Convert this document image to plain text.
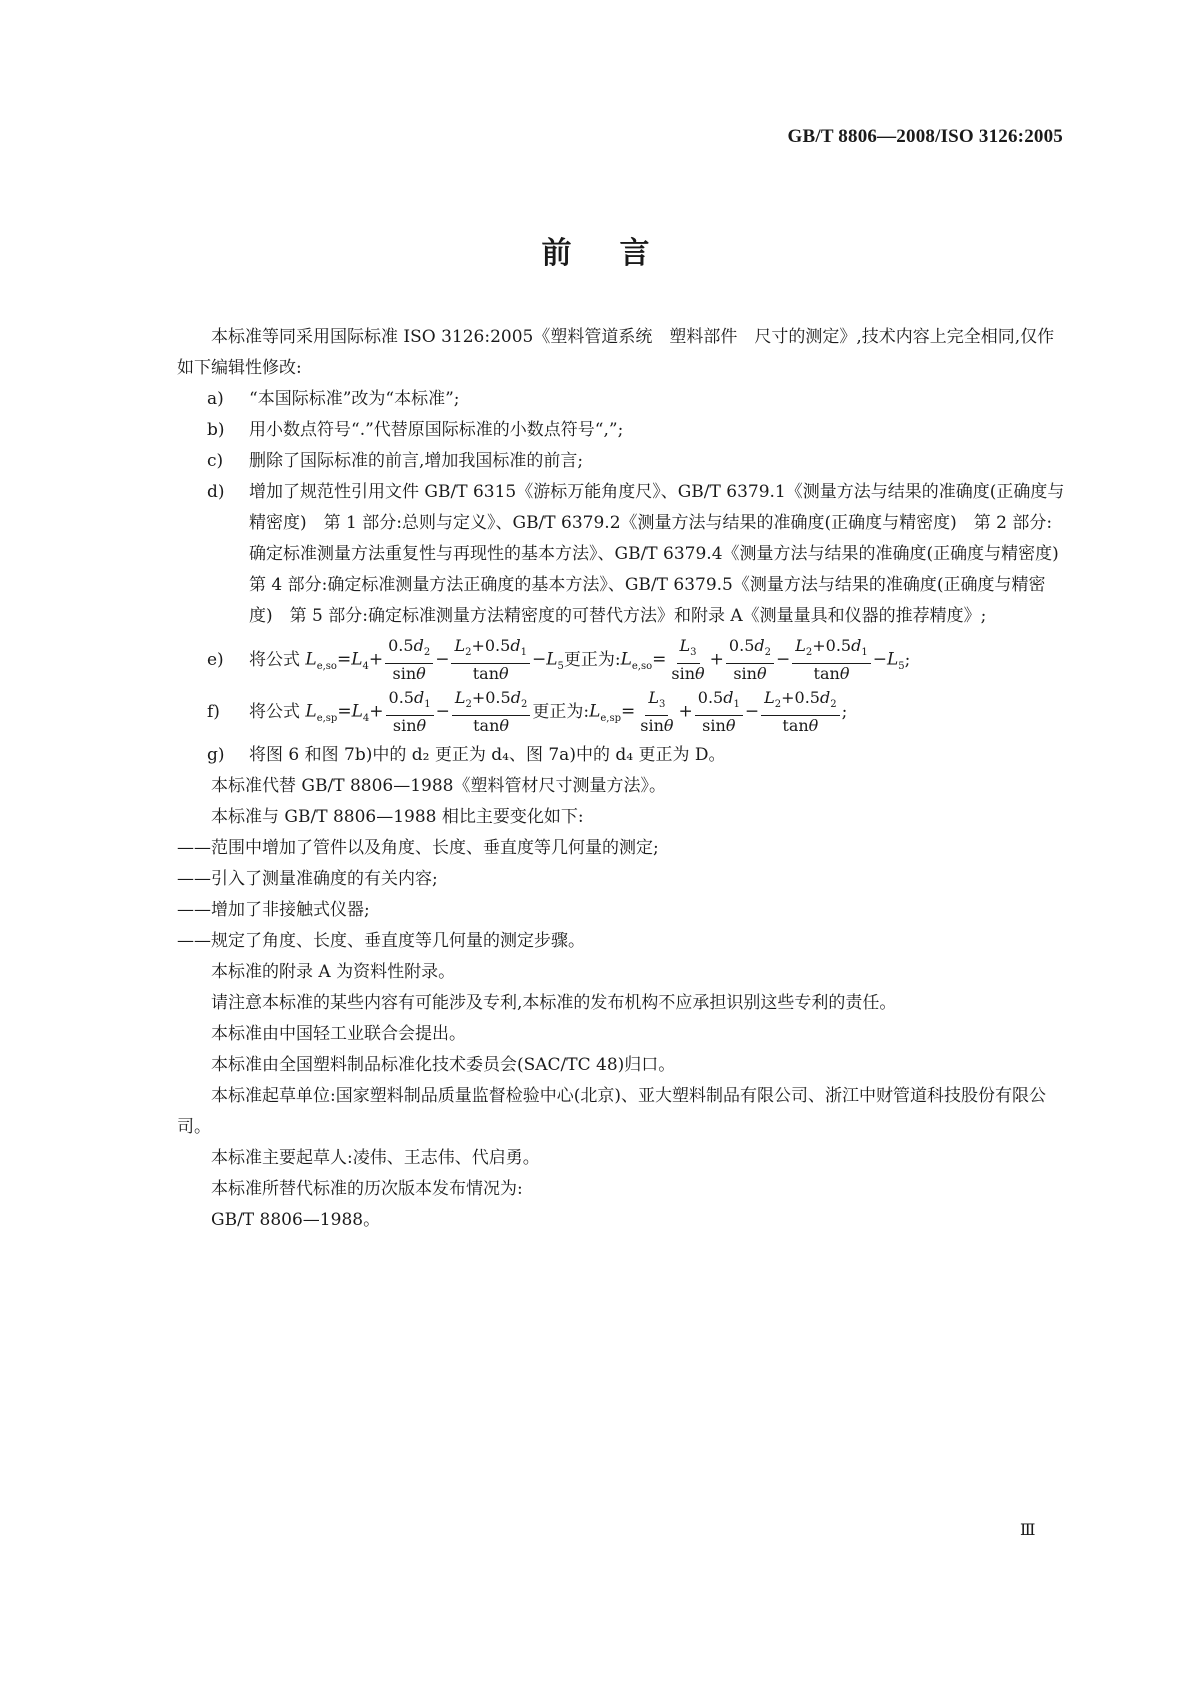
GB/T 8806—2008/ISO 3126:2005
前言

本标准等同采用国际标准 ISO 3126:2005《塑料管道系统　塑料部件　尺寸的测定》,技术内容上完全相同,仅作如下编辑性修改:

a)	“本国际标准”改为“本标准”;
b)	用小数点符号“.”代替原国际标准的小数点符号“,”;
c)	删除了国际标准的前言,增加我国标准的前言;
d)	增加了规范性引用文件 GB/T 6315《游标万能角度尺》、GB/T 6379.1《测量方法与结果的准确度(正确度与精密度)　第 1 部分:总则与定义》、GB/T 6379.2《测量方法与结果的准确度(正确度与精密度)　第 2 部分:确定标准测量方法重复性与再现性的基本方法》、GB/T 6379.4《测量方法与结果的准确度(正确度与精密度)　第 4 部分:确定标准测量方法正确度的基本方法》、GB/T 6379.5《测量方法与结果的准确度(正确度与精密度)　第 5 部分:确定标准测量方法精密度的可替代方法》和附录 A《测量量具和仪器的推荐精度》;
e)	将公式
$L_{e,so}=L_4+ \frac{0.5d_2}{\sin\theta} - \frac{L_2+0.5d_1}{\tan\theta} -L_5$ 更正为: $L_{e,so}= \frac{L_3}{\sin\theta} + \frac{0.5d_2}{\sin\theta} - \frac{L_2+0.5d_1}{\tan\theta} -L_5$ ;
f)	将公式
$L_{e,sp}=L_4+ \frac{0.5d_1}{\sin\theta} - \frac{L_2+0.5d_2}{\tan\theta}$ 更正为: $L_{e,sp}= \frac{L_3}{\sin\theta} + \frac{0.5d_1}{\sin\theta} - \frac{L_2+0.5d_2}{\tan\theta}$ ;
g)	将图 6 和图 7b)中的 d₂ 更正为 d₄、图 7a)中的 d₄ 更正为 D。

本标准代替 GB/T 8806—1988《塑料管材尺寸测量方法》。

本标准与 GB/T 8806—1988 相比主要变化如下:

——范围中增加了管件以及角度、长度、垂直度等几何量的测定;

——引入了测量准确度的有关内容;

——增加了非接触式仪器;

——规定了角度、长度、垂直度等几何量的测定步骤。

本标准的附录 A 为资料性附录。

请注意本标准的某些内容有可能涉及专利,本标准的发布机构不应承担识别这些专利的责任。

本标准由中国轻工业联合会提出。

本标准由全国塑料制品标准化技术委员会(SAC/TC 48)归口。

本标准起草单位:国家塑料制品质量监督检验中心(北京)、亚大塑料制品有限公司、浙江中财管道科技股份有限公司。

本标准主要起草人:凌伟、王志伟、代启勇。

本标准所替代标准的历次版本发布情况为:

GB/T 8806—1988。

Ⅲ
